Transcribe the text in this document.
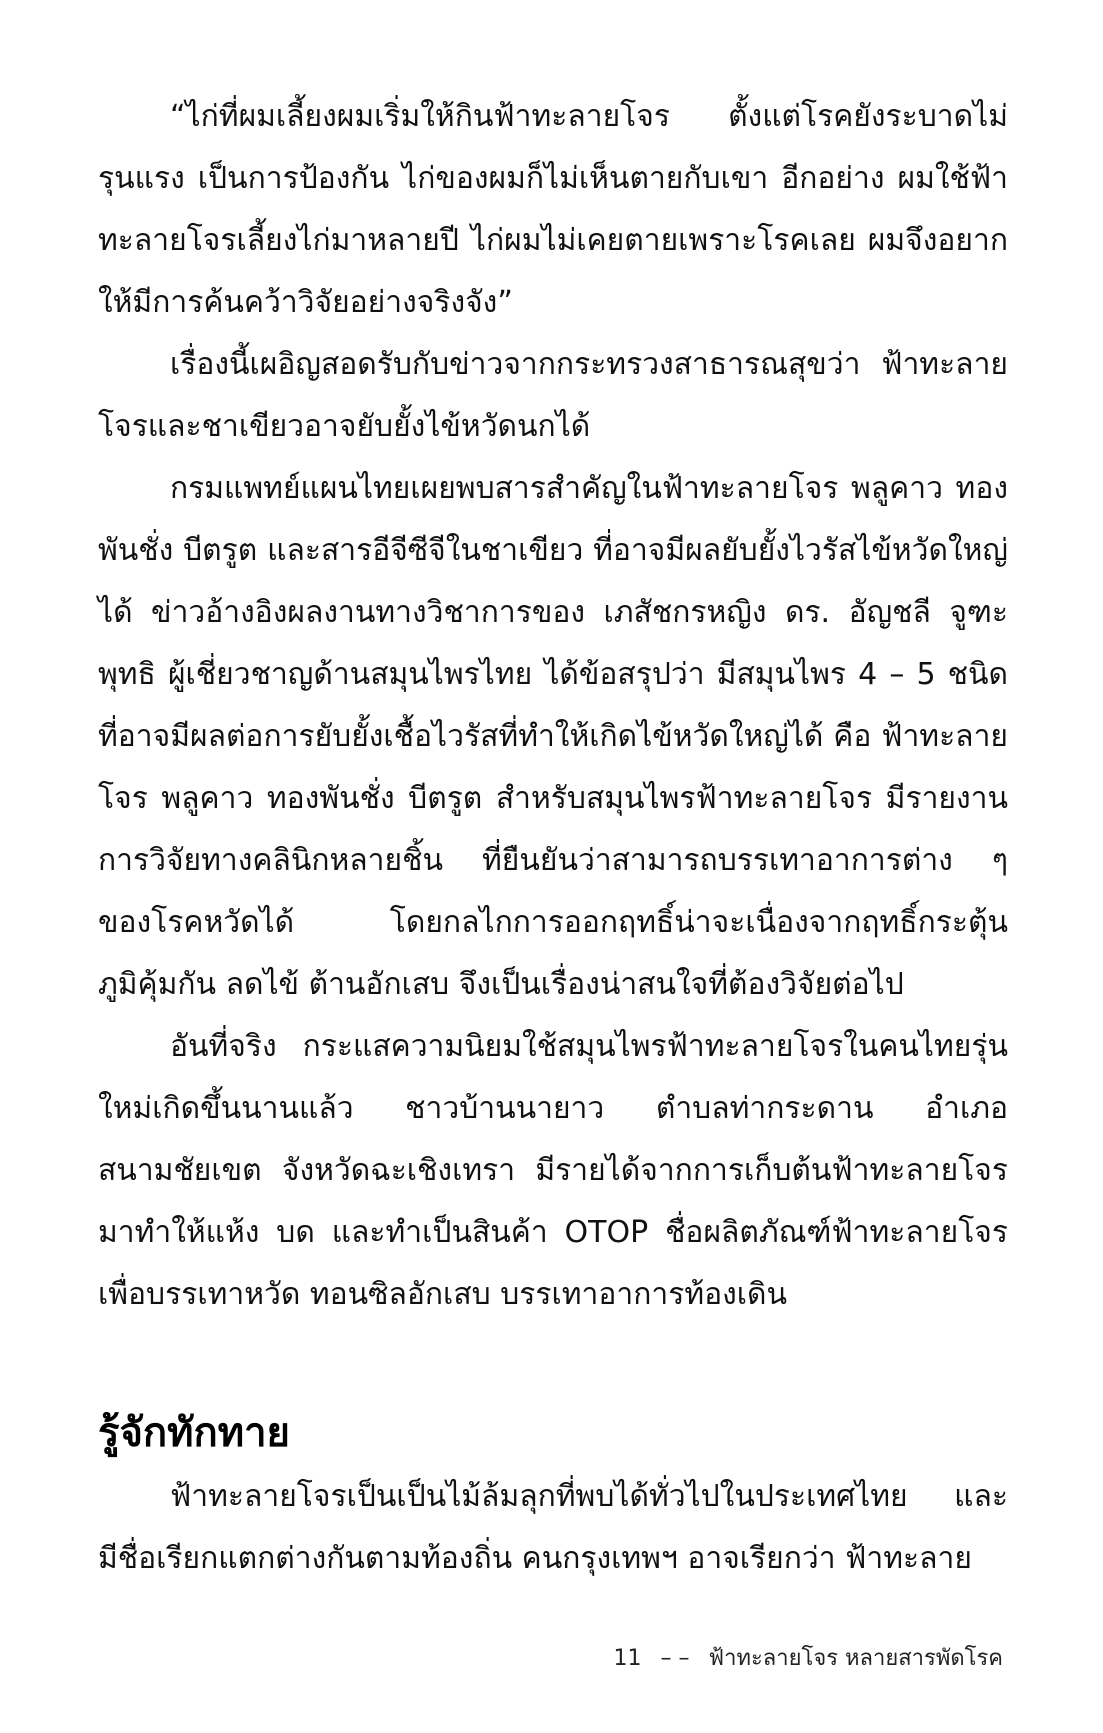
“ไก่ที่ผมเลี้ยงผมเริ่มให้กินฟ้าทะลายโจร ตั้งแต่โรคยังระบาดไม่รุนแรง เป็นการป้องกัน ไก่ของผมก็ไม่เห็นตายกับเขา อีกอย่าง ผมใช้ฟ้าทะลายโจรเลี้ยงไก่มาหลายปี ไก่ผมไม่เคยตายเพราะโรคเลย ผมจึงอยากให้มีการค้นคว้าวิจัยอย่างจริงจัง”

เรื่องนี้เผอิญสอดรับกับข่าวจากกระทรวงสาธารณสุขว่า ฟ้าทะลายโจรและชาเขียวอาจยับยั้งไข้หวัดนกได้

กรมแพทย์แผนไทยเผยพบสารสำคัญในฟ้าทะลายโจร พลูคาว ทองพันชั่ง บีตรูต และสารอีจีซีจีในชาเขียว ที่อาจมีผลยับยั้งไวรัสไข้หวัดใหญ่ได้ ข่าวอ้างอิงผลงานทางวิชาการของ เภสัชกรหญิง ดร. อัญชลี จูฑะพุทธิ ผู้เชี่ยวชาญด้านสมุนไพรไทย ได้ข้อสรุปว่า มีสมุนไพร 4 – 5 ชนิด ที่อาจมีผลต่อการยับยั้งเชื้อไวรัสที่ทำให้เกิดไข้หวัดใหญ่ได้ คือ ฟ้าทะลายโจร พลูคาว ทองพันชั่ง บีตรูต สำหรับสมุนไพรฟ้าทะลายโจร มีรายงานการวิจัยทางคลินิกหลายชิ้น ที่ยืนยันว่าสามารถบรรเทาอาการต่าง ๆ ของโรคหวัดได้ โดยกลไกการออกฤทธิ์น่าจะเนื่องจากฤทธิ์กระตุ้นภูมิคุ้มกัน ลดไข้ ต้านอักเสบ จึงเป็นเรื่องน่าสนใจที่ต้องวิจัยต่อไป

อันที่จริง กระแสความนิยมใช้สมุนไพรฟ้าทะลายโจรในคนไทยรุ่นใหม่เกิดขึ้นนานแล้ว ชาวบ้านนายาว ตำบลท่ากระดาน อำเภอสนามชัยเขต จังหวัดฉะเชิงเทรา มีรายได้จากการเก็บต้นฟ้าทะลายโจรมาทำให้แห้ง บด และทำเป็นสินค้า OTOP ชื่อผลิตภัณฑ์ฟ้าทะลายโจรเพื่อบรรเทาหวัด ทอนซิลอักเสบ บรรเทาอาการท้องเดิน

รู้จักทักทาย

ฟ้าทะลายโจรเป็นเป็นไม้ล้มลุกที่พบได้ทั่วไปในประเทศไทย และมีชื่อเรียกแตกต่างกันตามท้องถิ่น คนกรุงเทพฯ อาจเรียกว่า ฟ้าทะลาย

11 – – ฟ้าทะลายโจร หลายสารพัดโรค
